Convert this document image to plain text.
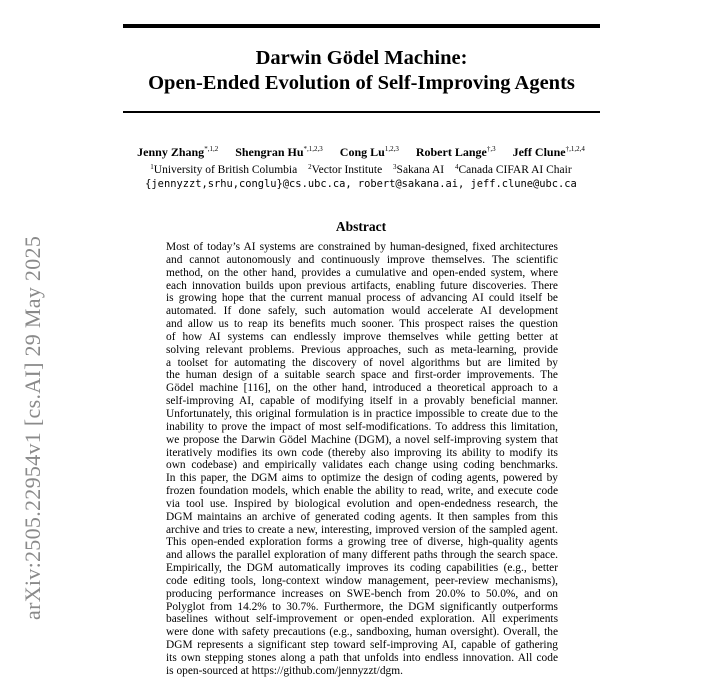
Darwin Gödel Machine:
Open-Ended Evolution of Self-Improving Agents
Jenny Zhang$^{*,1,2}$ Shengran $Hu^{*,1,2,3}$ Cong Lu$^{1,2,3}$ Robert Lange$^{\dagger,3}$ Jeff Clune$^{\dagger,1,2,4}$
$^1$University of British Columbia $^2$Vector Institute $^3$Sakana AI $^4$Canada CIFAR AI Chair
{jennyzzt,srhu,conglu}@cs.ubc.ca, robert@sakana.ai, jeff.clune@ubc.ca
Abstract
Most of today’s AI systems are constrained by human-designed, fixed architectures
and cannot autonomously and continuously improve themselves. The scientific
method, on the other hand, provides a cumulative and open-ended system, where
each innovation builds upon previous artifacts, enabling future discoveries. There
is growing hope that the current manual process of advancing AI could itself be
automated. If done safely, such automation would accelerate AI development
and allow us to reap its benefits much sooner. This prospect raises the question
of how AI systems can endlessly improve themselves while getting better at
solving relevant problems. Previous approaches, such as meta-learning, provide
a toolset for automating the discovery of novel algorithms but are limited by
the human design of a suitable search space and first-order improvements. The
Gödel machine [116], on the other hand, introduced a theoretical approach to a
self-improving AI, capable of modifying itself in a provably beneficial manner.
Unfortunately, this original formulation is in practice impossible to create due to the
inability to prove the impact of most self-modifications. To address this limitation,
we propose the Darwin Gödel Machine (DGM), a novel self-improving system that
iteratively modifies its own code (thereby also improving its ability to modify its
own codebase) and empirically validates each change using coding benchmarks.
In this paper, the DGM aims to optimize the design of coding agents, powered by
frozen foundation models, which enable the ability to read, write, and execute code
via tool use. Inspired by biological evolution and open-endedness research, the
DGM maintains an archive of generated coding agents. It then samples from this
archive and tries to create a new, interesting, improved version of the sampled agent.
This open-ended exploration forms a growing tree of diverse, high-quality agents
and allows the parallel exploration of many different paths through the search space.
Empirically, the DGM automatically improves its coding capabilities (e.g., better
code editing tools, long-context window management, peer-review mechanisms),
producing performance increases on SWE-bench from 20.0% to 50.0%, and on
Polyglot from 14.2% to 30.7%. Furthermore, the DGM significantly outperforms
baselines without self-improvement or open-ended exploration. All experiments
were done with safety precautions (e.g., sandboxing, human oversight). Overall, the
DGM represents a significant step toward self-improving AI, capable of gathering
its own stepping stones along a path that unfolds into endless innovation. All code
is open-sourced at https://github.com/jennyzzt/dgm.
arXiv:2505.22954v1 [cs.AI] 29 May 2025
